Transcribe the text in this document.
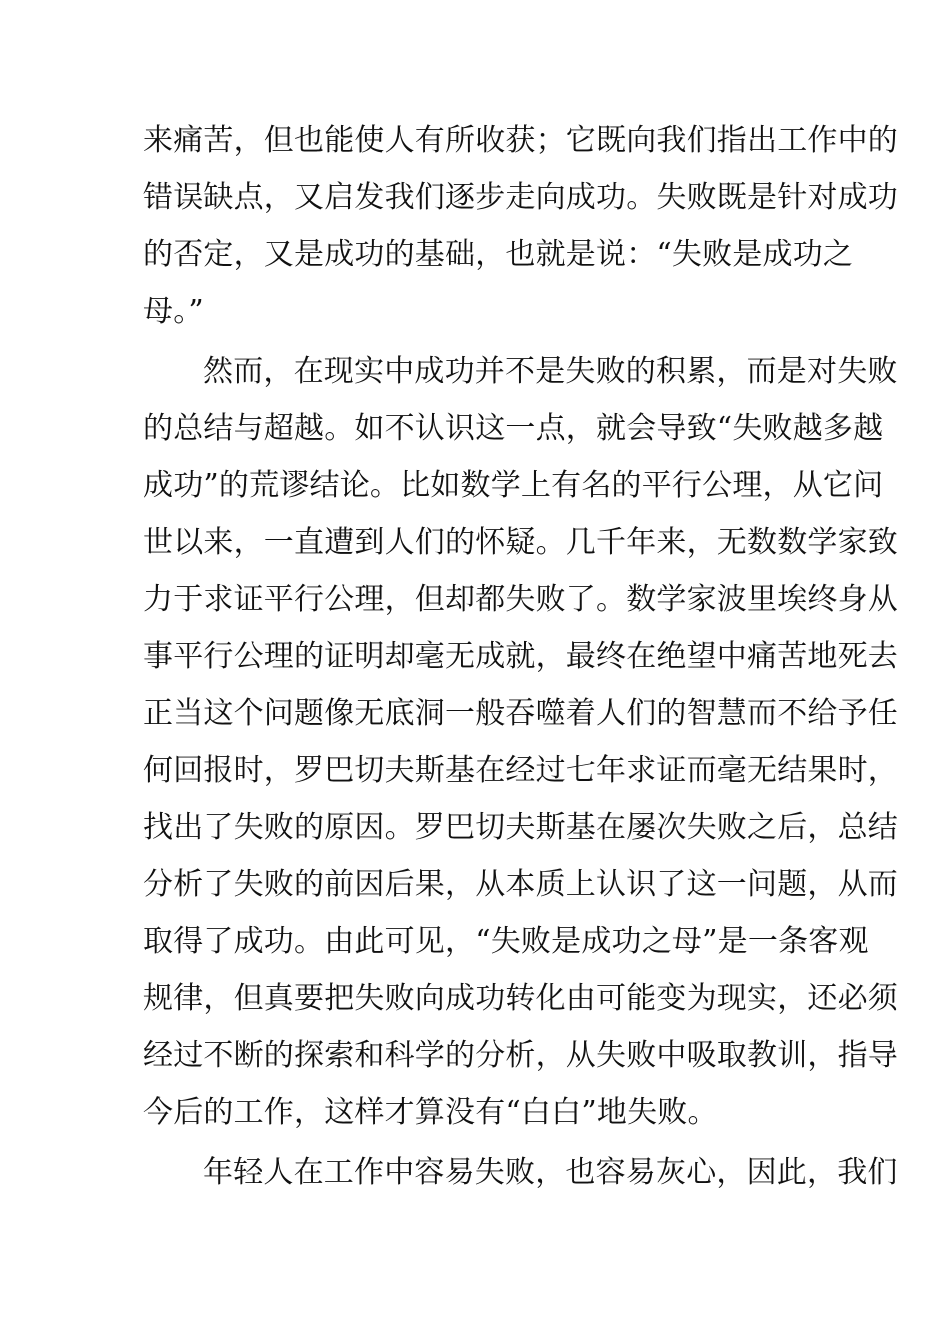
来痛苦，但也能使人有所收获；它既向我们指出工作中的
错误缺点，又启发我们逐步走向成功。失败既是针对成功
的否定，又是成功的基础，也就是说：“失败是成功之
母。”
然而，在现实中成功并不是失败的积累，而是对失败
的总结与超越。如不认识这一点，就会导致“失败越多越
成功”的荒谬结论。比如数学上有名的平行公理，从它问
世以来，一直遭到人们的怀疑。几千年来，无数数学家致
力于求证平行公理，但却都失败了。数学家波里埃终身从
事平行公理的证明却毫无成就，最终在绝望中痛苦地死去
正当这个问题像无底洞一般吞噬着人们的智慧而不给予任
何回报时，罗巴切夫斯基在经过七年求证而毫无结果时，
找出了失败的原因。罗巴切夫斯基在屡次失败之后，总结
分析了失败的前因后果，从本质上认识了这一问题，从而
取得了成功。由此可见，“失败是成功之母”是一条客观
规律，但真要把失败向成功转化由可能变为现实，还必须
经过不断的探索和科学的分析，从失败中吸取教训，指导
今后的工作，这样才算没有“白白”地失败。
年轻人在工作中容易失败，也容易灰心，因此，我们
